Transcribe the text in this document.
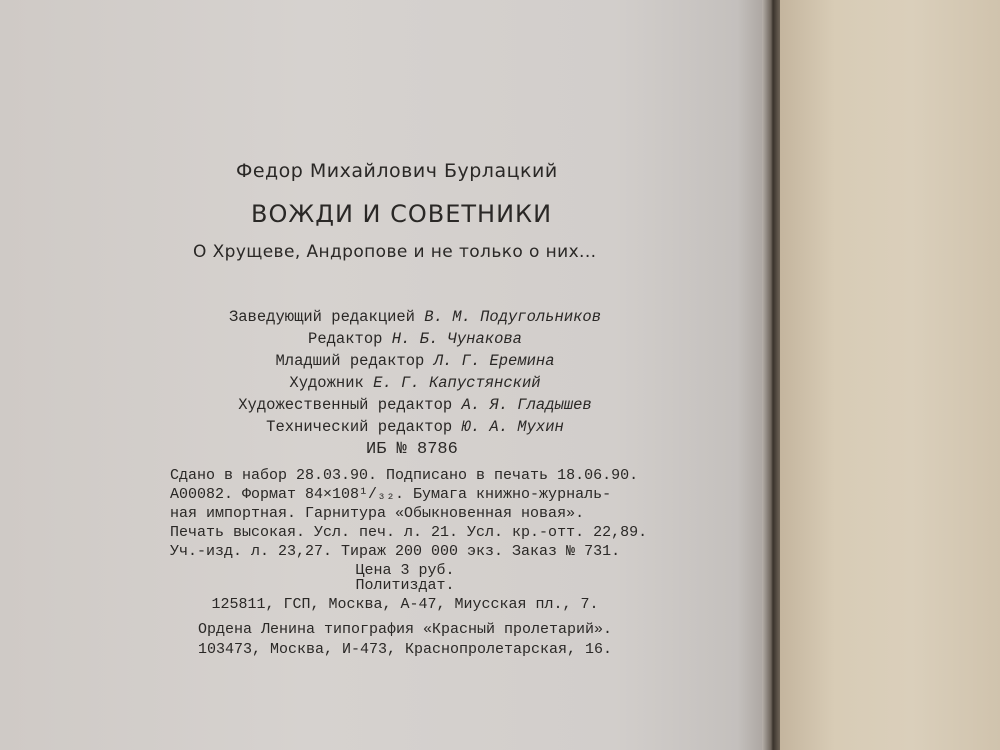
Федор Михайлович Бурлацкий
ВОЖДИ И СОВЕТНИКИ
О Хрущеве, Андропове и не только о них...
Заведующий редакцией В. М. Подугольников
Редактор Н. Б. Чунакова
Младший редактор Л. Г. Еремина
Художник Е. Г. Капустянский
Художественный редактор А. Я. Гладышев
Технический редактор Ю. А. Мухин
ИБ № 8786
Сдано в набор 28.03.90. Подписано в печать 18.06.90.
А00082. Формат 84×108¹/₃₂. Бумага книжно-журналь-
ная импортная. Гарнитура «Обыкновенная новая».
Печать высокая. Усл. печ. л. 21. Усл. кр.-отт. 22,89.
Уч.-изд. л. 23,27. Тираж 200 000 экз. Заказ № 731.
Цена 3 руб.
Политиздат.
125811, ГСП, Москва, А-47, Миусская пл., 7.
Ордена Ленина типография «Красный пролетарий».
103473, Москва, И-473, Краснопролетарская, 16.
